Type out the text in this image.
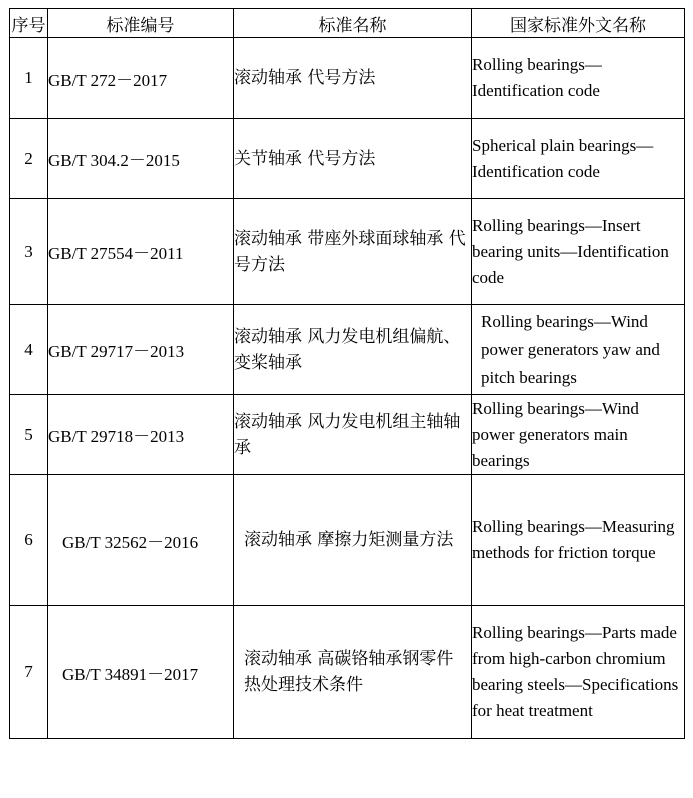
序号	标准编号	标准名称	国家标准外文名称
1	GB/T 272－2017	滚动轴承 代号方法	Rolling bearings—Identification code
2	GB/T 304.2－2015	关节轴承 代号方法	Spherical plain bearings—Identification code
3	GB/T 27554－2011	滚动轴承 带座外球面球轴承 代号方法	Rolling bearings—Insert bearing units—Identification code
4	GB/T 29717－2013	滚动轴承 风力发电机组偏航、变桨轴承	Rolling bearings—Wind power generators yaw and pitch bearings
5	GB/T 29718－2013	滚动轴承 风力发电机组主轴轴承	Rolling bearings—Wind power generators main bearings
6	GB/T 32562－2016	滚动轴承 摩擦力矩测量方法	Rolling bearings—Measuring methods for friction torque
7	GB/T 34891－2017	滚动轴承 高碳铬轴承钢零件 热处理技术条件	Rolling bearings—Parts made from high-carbon chromium bearing steels—Specifications for heat treatment
